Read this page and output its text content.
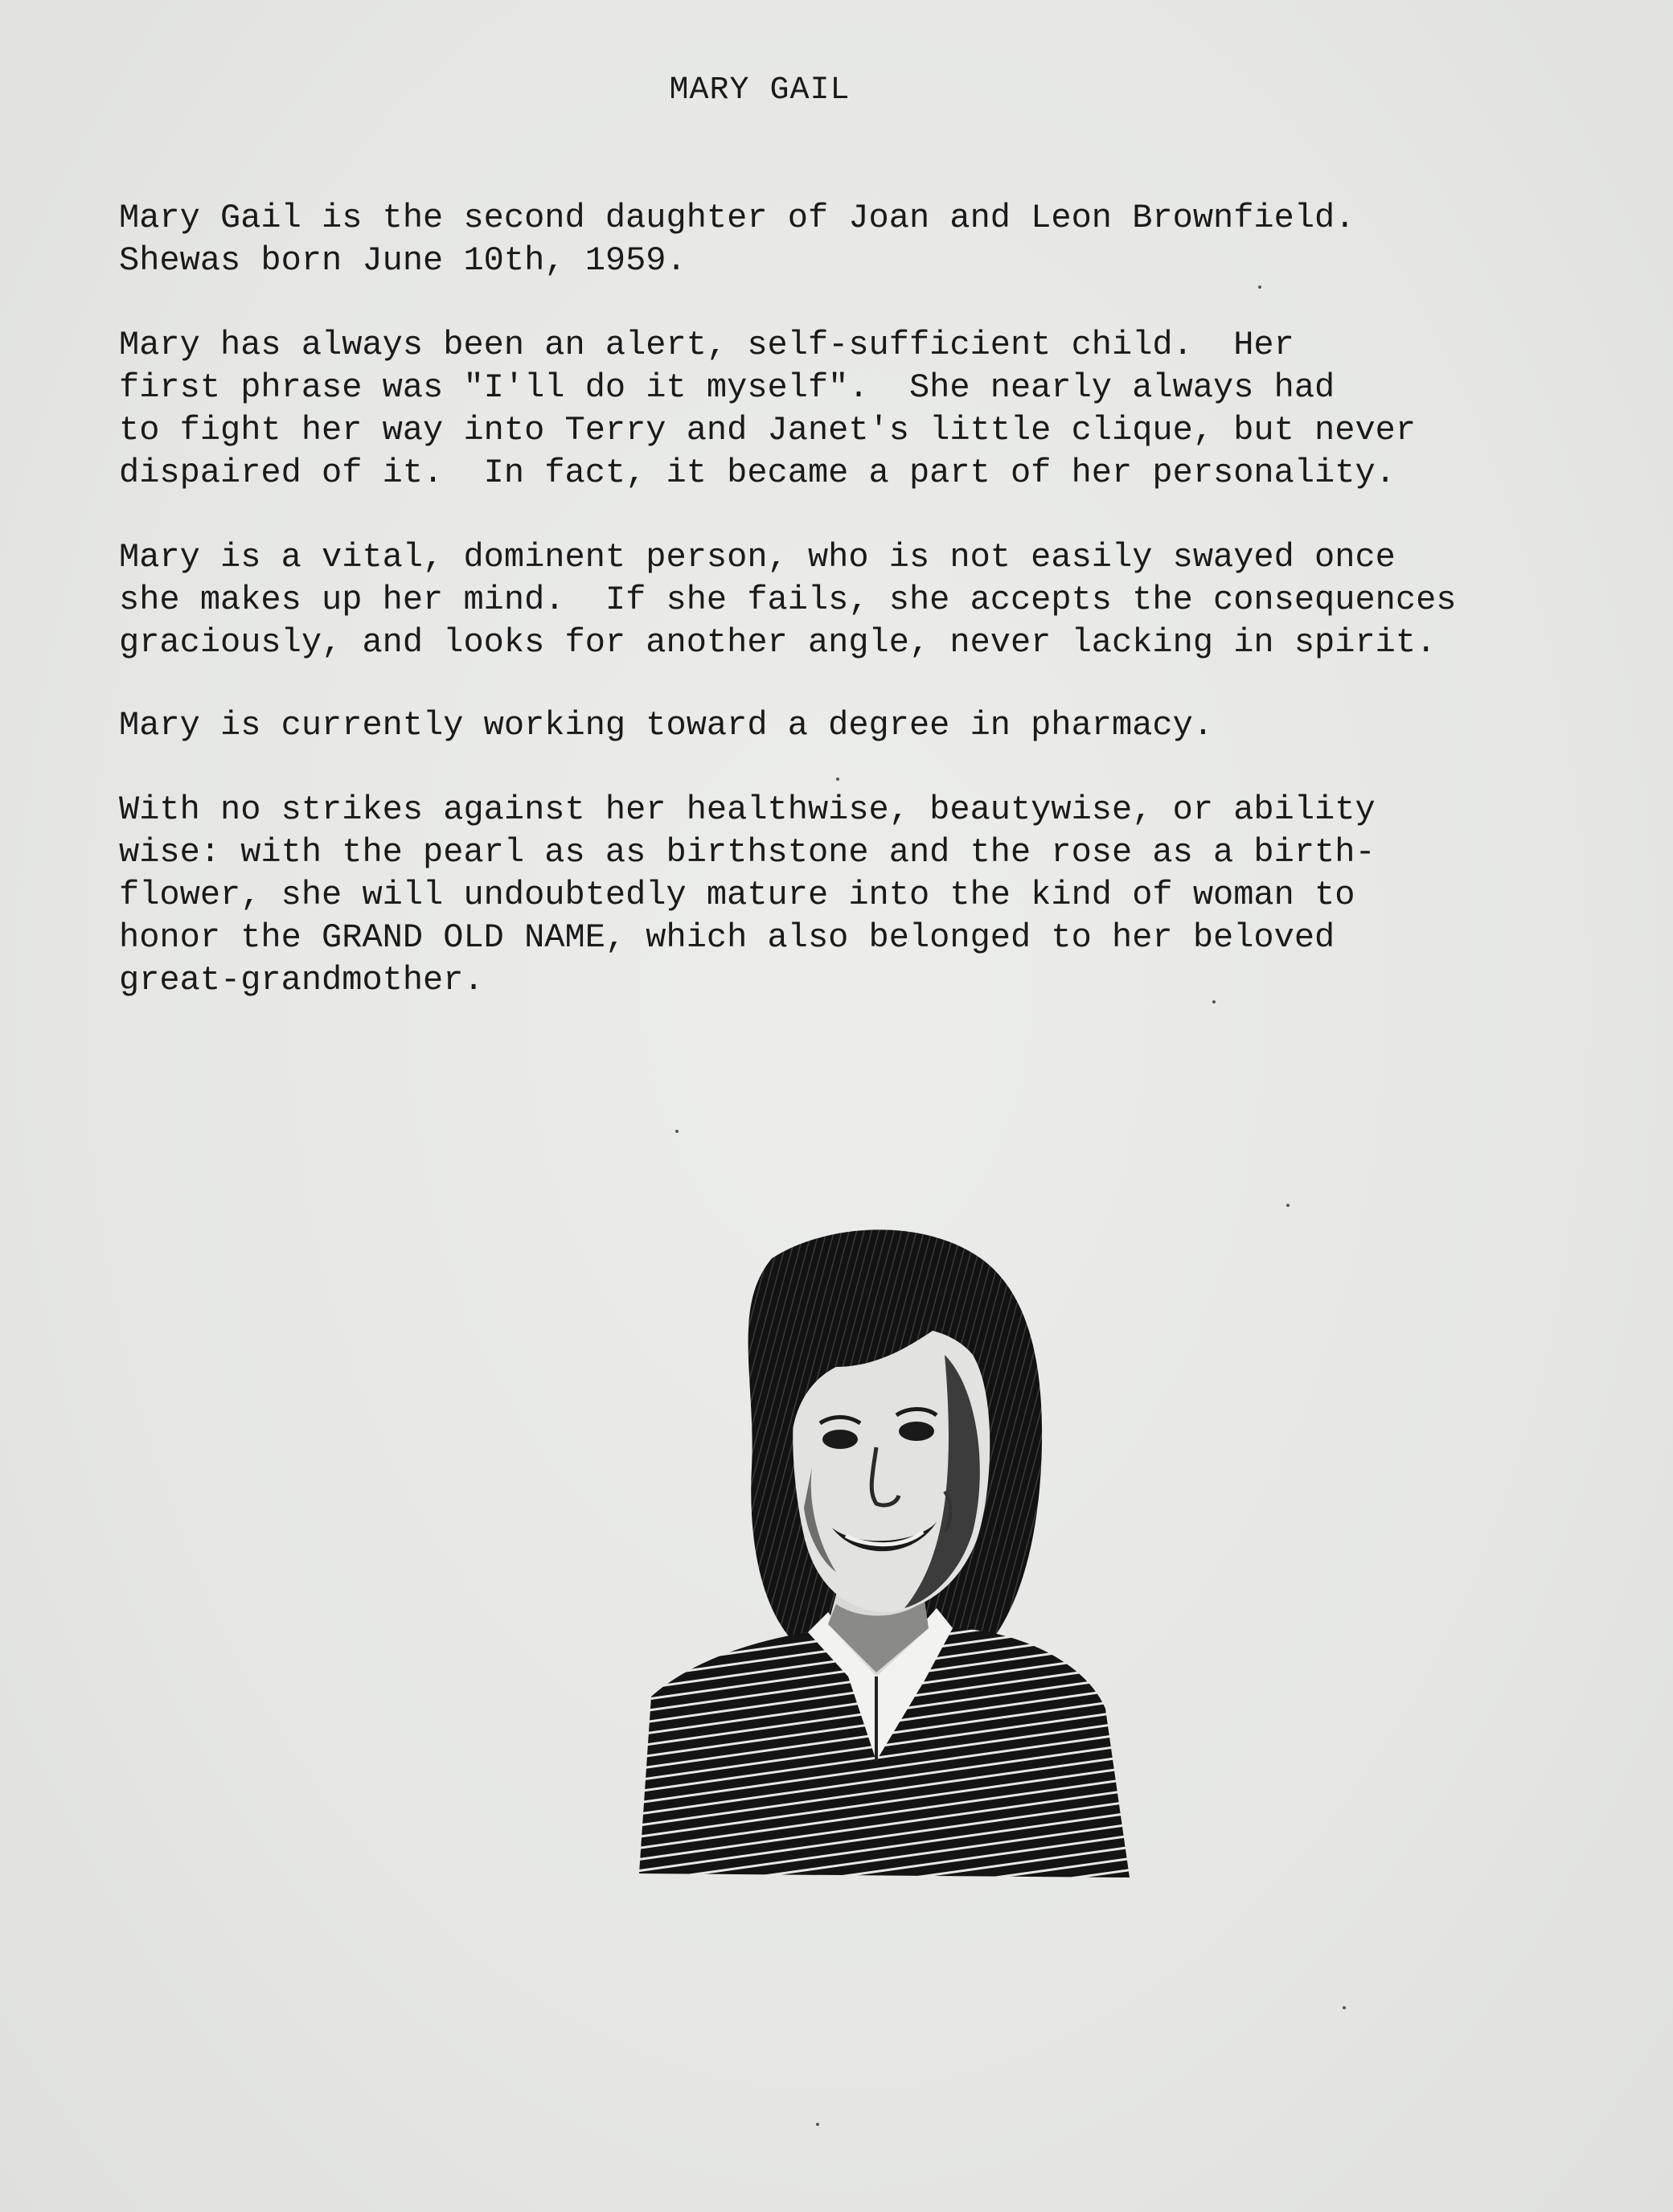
MARY GAIL

Mary Gail is the second daughter of Joan and Leon Brownfield.
Shewas born June 10th, 1959.

Mary has always been an alert, self-sufficient child.  Her
first phrase was "I'll do it myself".  She nearly always had
to fight her way into Terry and Janet's little clique, but never
dispaired of it.  In fact, it became a part of her personality.

Mary is a vital, dominent person, who is not easily swayed once
she makes up her mind.  If she fails, she accepts the consequences
graciously, and looks for another angle, never lacking in spirit.

Mary is currently working toward a degree in pharmacy.

With no strikes against her healthwise, beautywise, or ability
wise: with the pearl as as birthstone and the rose as a birth-
flower, she will undoubtedly mature into the kind of woman to
honor the GRAND OLD NAME, which also belonged to her beloved
great-grandmother.
